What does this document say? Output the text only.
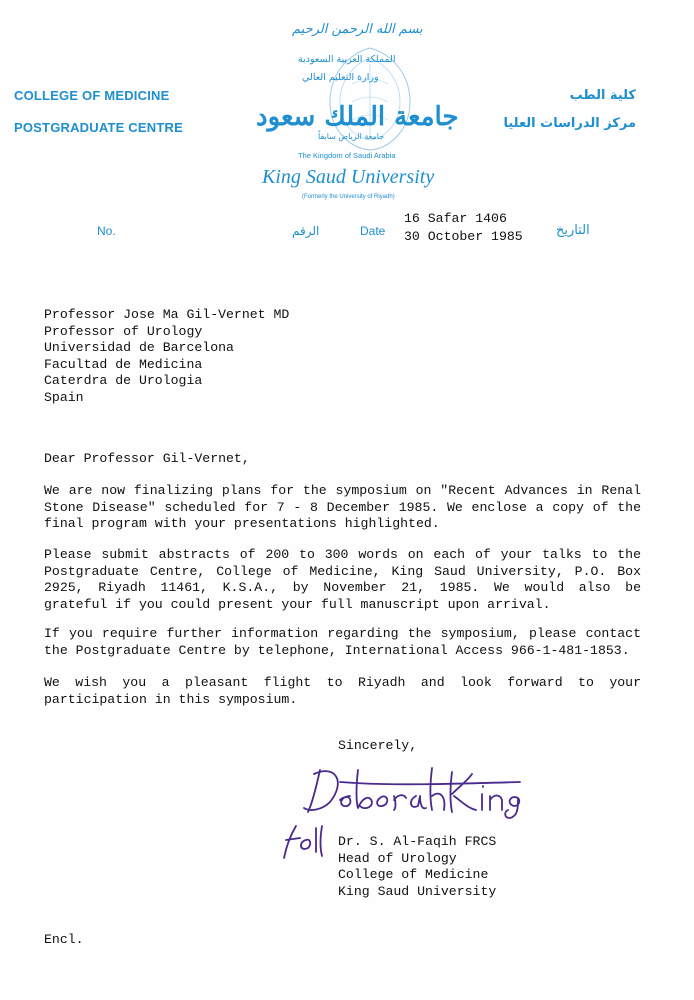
بسم الله الرحمن الرحيم
COLLEGE OF MEDICINE
POSTGRADUATE CENTRE
كلية الطب
مركز الدراسات العليا
المملكة العربية السعودية
وزارة التعليم العالي
جامعة الملك سعود
جامعة الرياض سابقاً
The Kingdom of Saudi Arabia
King Saud University
(Formerly the University of Riyadh)
No.	الرقم	Date	التاريخ
16 Safar 1406
30 October 1985
Professor Jose Ma Gil-Vernet MD
Professor of Urology
Universidad de Barcelona
Facultad de Medicina
Caterdra de Urologia
Spain
Dear Professor Gil-Vernet,
We are now finalizing plans for the symposium on "Recent Advances in Renal
Stone Disease" scheduled for 7 - 8 December 1985. We enclose a copy of the
final program with your presentations highlighted.
Please submit abstracts of 200 to 300 words on each of your talks to the
Postgraduate Centre, College of Medicine, King Saud University, P.O. Box
2925, Riyadh 11461, K.S.A., by November 21, 1985. We would also be
grateful if you could present your full manuscript upon arrival.
If you require further information regarding the symposium, please contact
the Postgraduate Centre by telephone, International Access 966-1-481-1853.
We wish you a pleasant flight to Riyadh and look forward to your
participation in this symposium.
Sincerely,
Dr. S. Al-Faqih FRCS
Head of Urology
College of Medicine
King Saud University
Encl.
